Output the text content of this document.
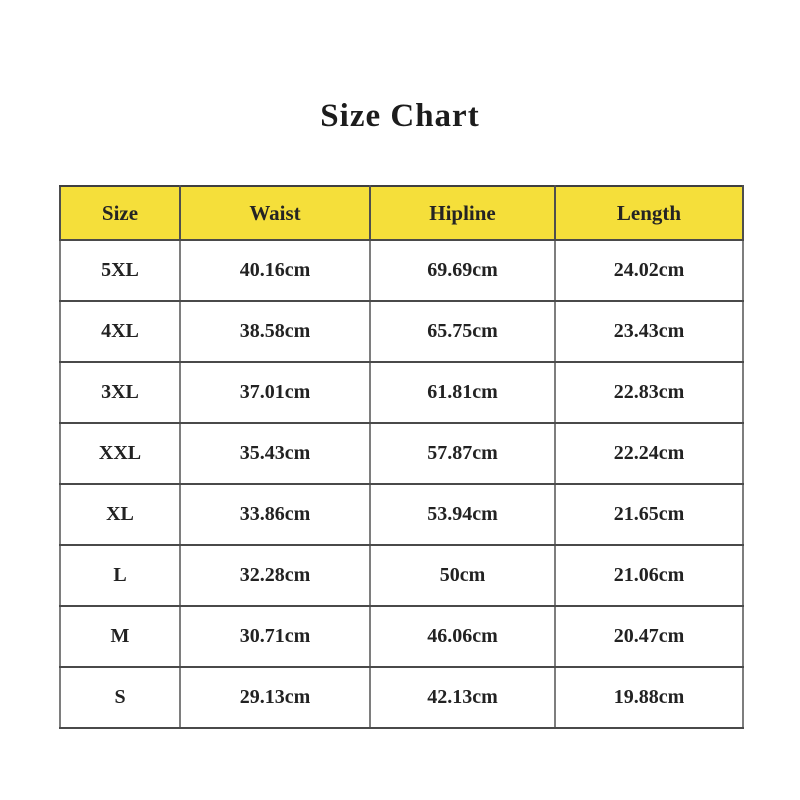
Size Chart
Size	Waist	Hipline	Length
5XL	40.16cm	69.69cm	24.02cm
4XL	38.58cm	65.75cm	23.43cm
3XL	37.01cm	61.81cm	22.83cm
XXL	35.43cm	57.87cm	22.24cm
XL	33.86cm	53.94cm	21.65cm
L	32.28cm	50cm	21.06cm
M	30.71cm	46.06cm	20.47cm
S	29.13cm	42.13cm	19.88cm
